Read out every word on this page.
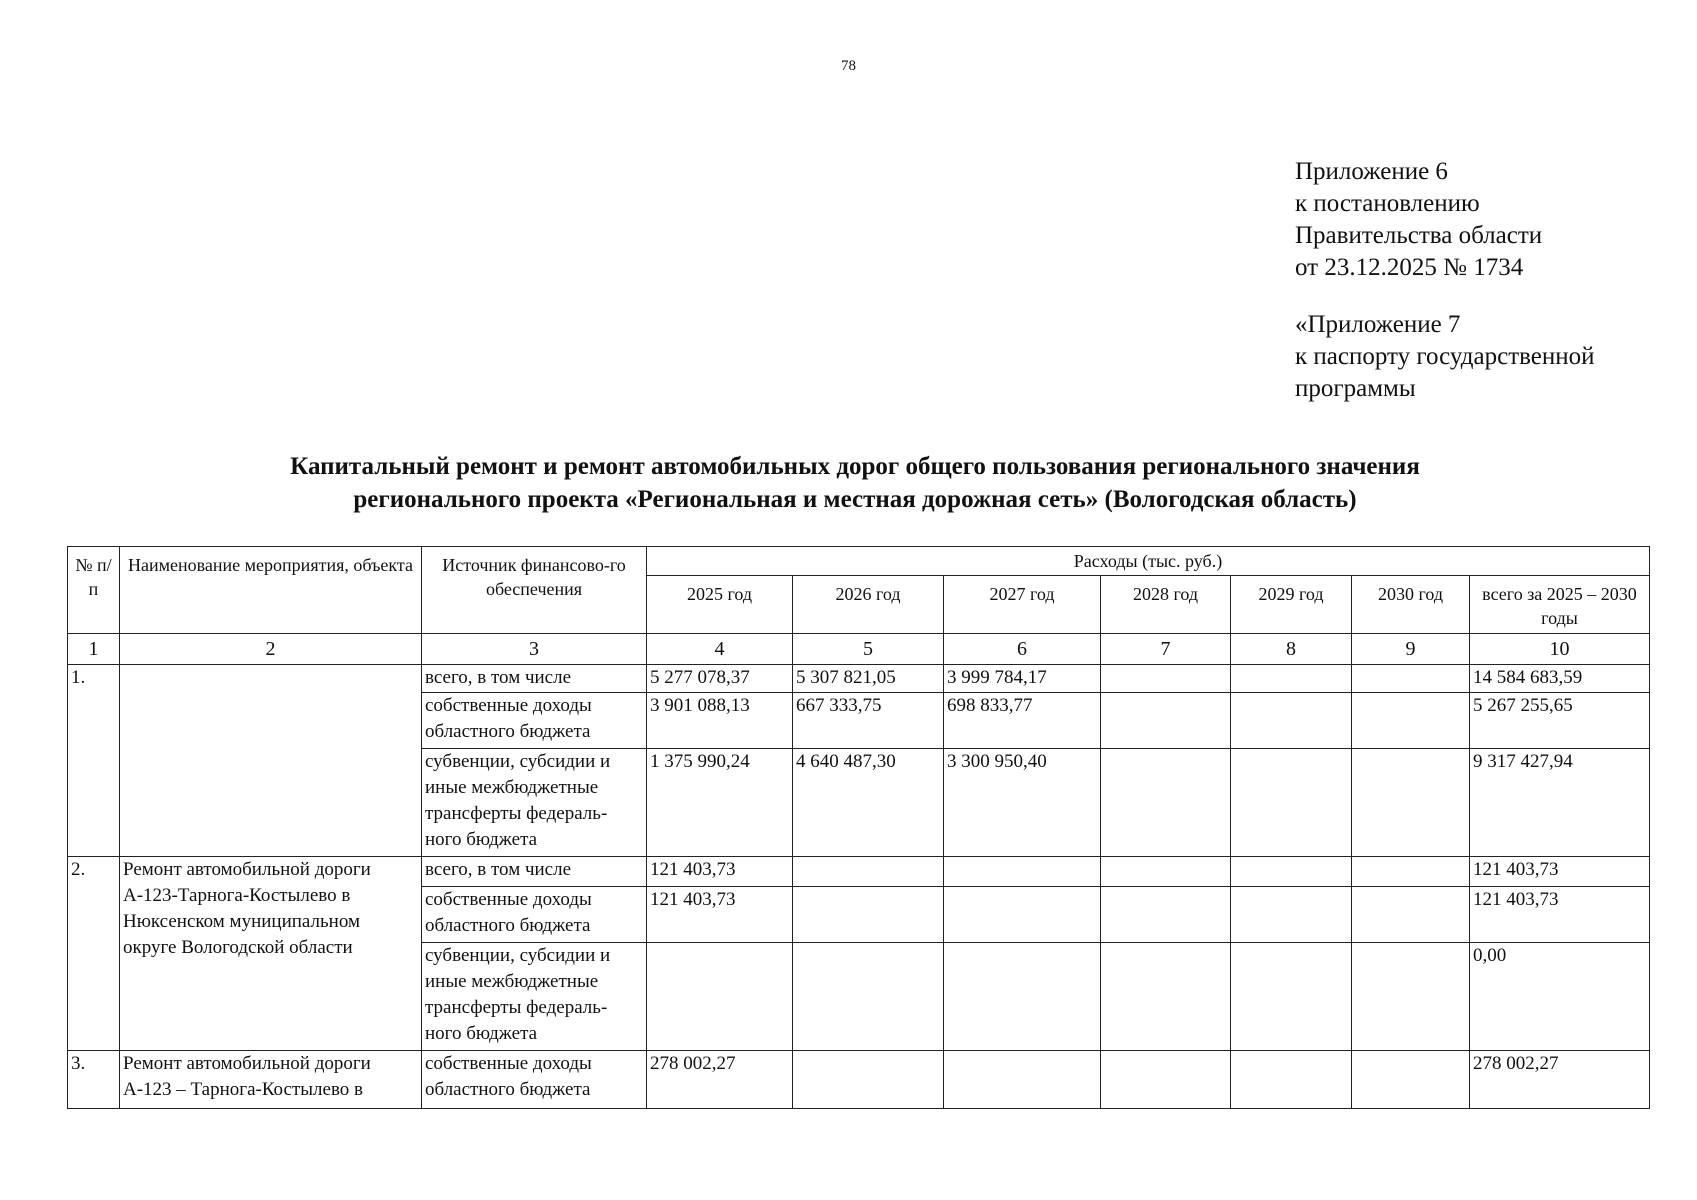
78
Приложение 6
к постановлению
Правительства области
от 23.12.2025 № 1734
«Приложение 7
к паспорту государственной
программы
Капитальный ремонт и ремонт автомобильных дорог общего пользования регионального значения
регионального проекта «Региональная и местная дорожная сеть» (Вологодская область)
№ п/п	Наименование мероприятия, объекта	Источник финансово-го обеспечения	Расходы (тыс. руб.)						
			2025 год	2026 год	2027 год	2028 год	2029 год	2030 год	всего за 2025 – 2030 годы
1	2	3	4	5	6	7	8	9	10
1.		всего, в том числе	5 277 078,37	5 307 821,05	3 999 784,17				14 584 683,59
		собственные доходы областного бюджета	3 901 088,13	667 333,75	698 833,77				5 267 255,65
		субвенции, субсидии и иные межбюджетные трансферты федераль-ного бюджета	1 375 990,24	4 640 487,30	3 300 950,40				9 317 427,94
2.	Ремонт автомобильной дороги А-123-Тарнога-Костылево в Нюксенском муниципальном округе Вологодской области	всего, в том числе	121 403,73						121 403,73
		собственные доходы областного бюджета	121 403,73						121 403,73
		субвенции, субсидии и иные межбюджетные трансферты федераль-ного бюджета							0,00
3.	Ремонт автомобильной дороги А-123 – Тарнога-Костылево в	собственные доходы областного бюджета	278 002,27						278 002,27
